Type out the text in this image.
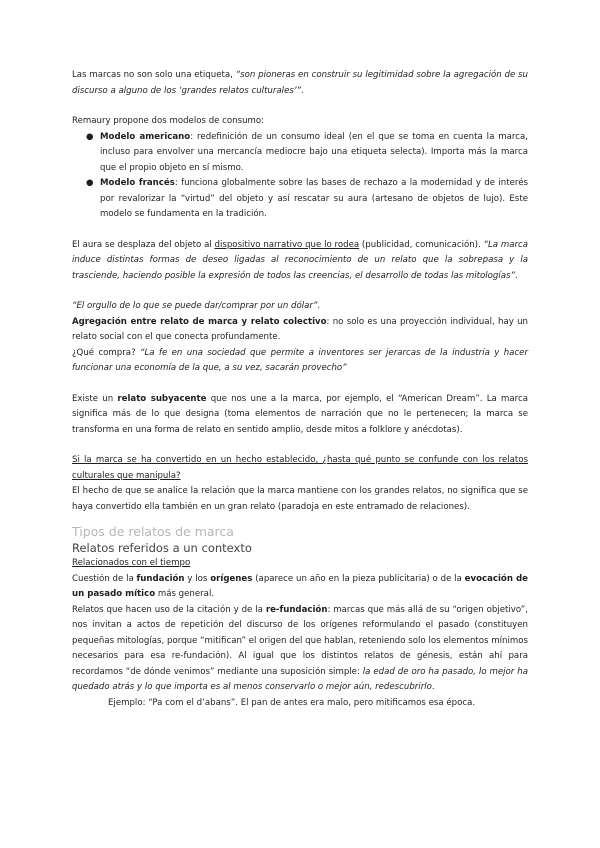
Las marcas no son solo una etiqueta, “son pioneras en construir su legitimidad sobre la agregación de su discurso a alguno de los ‘grandes relatos culturales’”.

Remaury propone dos modelos de consumo:

● Modelo americano: redefinición de un consumo ideal (en el que se toma en cuenta la marca, incluso para envolver una mercancía mediocre bajo una etiqueta selecta). Importa más la marca que el propio objeto en sí mismo.
● Modelo francés: funciona globalmente sobre las bases de rechazo a la modernidad y de interés por revalorizar la “virtud” del objeto y así rescatar su aura (artesano de objetos de lujo). Este modelo se fundamenta en la tradición.

El aura se desplaza del objeto al dispositivo narrativo que lo rodea (publicidad, comunicación). “La marca induce distintas formas de deseo ligadas al reconocimiento de un relato que la sobrepasa y la trasciende, haciendo posible la expresión de todos las creencias, el desarrollo de todas las mitologías”.

“El orgullo de lo que se puede dar/comprar por un dólar”.

Agregación entre relato de marca y relato colectivo: no solo es una proyección individual, hay un relato social con el que conecta profundamente.

¿Qué compra? “La fe en una sociedad que permite a inventores ser jerarcas de la industria y hacer funcionar una economía de la que, a su vez, sacarán provecho”

Existe un relato subyacente que nos une a la marca, por ejemplo, el “American Dream”. La marca significa más de lo que designa (toma elementos de narración que no le pertenecen; la marca se transforma en una forma de relato en sentido amplio, desde mitos a folklore y anécdotas).

Si la marca se ha convertido en un hecho establecido, ¿hasta qué punto se confunde con los relatos culturales que manipula?

El hecho de que se analice la relación que la marca mantiene con los grandes relatos, no significa que se haya convertido ella también en un gran relato (paradoja en este entramado de relaciones).

Tipos de relatos de marca
Relatos referidos a un contexto

Relacionados con el tiempo

Cuestión de la fundación y los orígenes (aparece un año en la pieza publicitaria) o de la evocación de un pasado mítico más general.

Relatos que hacen uso de la citación y de la re-fundación: marcas que más allá de su “origen objetivo”, nos invitan a actos de repetición del discurso de los orígenes reformulando el pasado (constituyen pequeñas mitologías, porque “mitifican” el origen del que hablan, reteniendo solo los elementos mínimos necesarios para esa re-fundación). Al igual que los distintos relatos de génesis, están ahí para recordamos “de dónde venimos” mediante una suposición simple: la edad de oro ha pasado, lo mejor ha quedado atrás y lo que importa es al menos conservarlo o mejor aún, redescubrirlo.

Ejemplo: “Pa com el d’abans”. El pan de antes era malo, pero mitificamos esa época.
